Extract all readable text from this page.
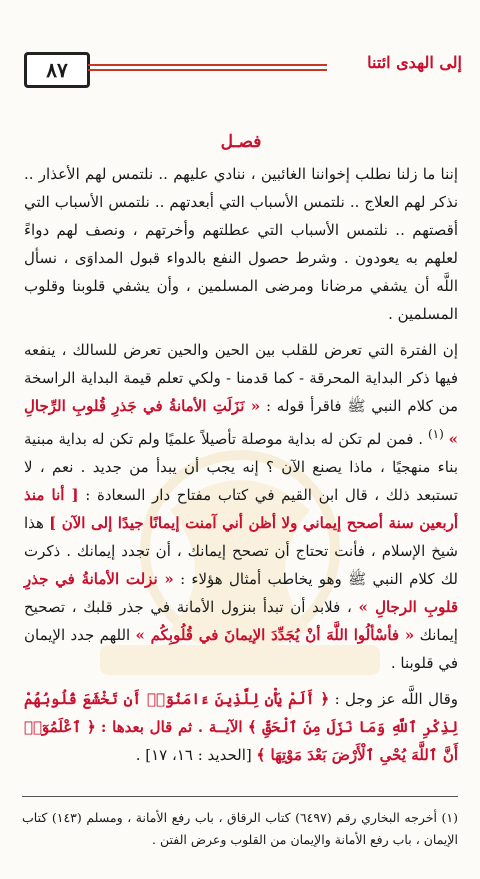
٨٧	إلى الهدى ائتنا
فصـل

إننا ما زلنا نطلب إخواننا الغائبين ، ننادي عليهم .. نلتمس لهم الأعذار .. نذكر لهم العلاج .. نلتمس الأسباب التي أبعدتهم .. نلتمس الأسباب التي أقصتهم .. نلتمس الأسباب التي عطلتهم وأخرتهم ، ونصف لهم دواءً لعلهم به يعودون . وشرط حصول النفع بالدواء قبول المداوَى ، نسأل اللَّه أن يشفي مرضانا ومرضى المسلمين ، وأن يشفي قلوبنا وقلوب المسلمين .

إن الفترة التي تعرض للقلب بين الحين والحين تعرض للسالك ، ينفعه فيها ذكر البداية المحرقة - كما قدمنا - ولكي تعلم قيمة البداية الراسخة من كلام النبي ﷺ فاقرأ قوله : « نَزَلَتِ الأمانةُ في جَذرِ قُلوبِ الرِّجالِ » $^{(١)}$ . فمن لم تكن له بداية موصلة تأصيلاً علميًا ولم تكن له بداية مبنية بناء منهجيًا ، ماذا يصنع الآن ؟ إنه يجب أن يبدأ من جديد . نعم ، لا تستبعد ذلك ، قال ابن القيم في كتاب مفتاح دار السعادة : [ أنا منذ أربعين سنة أصحح إيماني ولا أظن أني آمنت إيمانًا جيدًا إلى الآن ] هذا شيخ الإسلام ، فأنت تحتاج أن تصحح إيمانك ، أن تجدد إيمانك . ذكرت لك كلام النبي ﷺ وهو يخاطب أمثال هؤلاء : « نزلت الأمانةُ في جذرِ قلوبِ الرجالِ » ، فلابد أن تبدأ بنزول الأمانة في جذر قلبك ، تصحيح إيمانك « فأسْألُوا اللَّهَ أنْ يُجَدِّدَ الإيمانَ في قُلُوبِكُم » اللهم جدد الإيمان في قلوبنا .

وقال اللَّه عز وجل : ﴿ أَلَمْ يَأْنِ لِلَّذِينَ ءَامَنُوٓا۟ أَن تَخْشَعَ قُلُوبُهُمْ لِذِكْرِ ٱللَّهِ وَمَا نَزَلَ مِنَ ٱلْحَقِّ ﴾ الآيــة . ثم قال بعدها : ﴿ ٱعْلَمُوٓا۟ أَنَّ ٱللَّهَ يُحْىِ ٱلْأَرْضَ بَعْدَ مَوْتِهَا ﴾ [الحديد : ١٦، ١٧] .

(١) أخرجه البخاري رقم (٦٤٩٧) كتاب الرقاق ، باب رفع الأمانة ، ومسلم (١٤٣) كتاب الإيمان ، باب رفع الأمانة والإيمان من القلوب وعرض الفتن .
